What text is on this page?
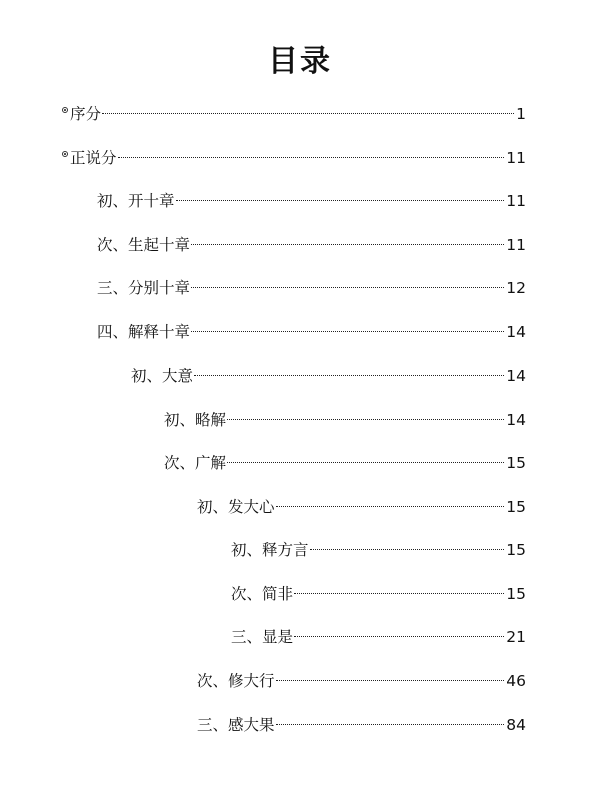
目录
序分	1
正说分	11
初、开十章	11
次、生起十章	11
三、分别十章	12
四、解释十章	14
初、大意	14
初、略解	14
次、广解	15
初、发大心	15
初、释方言	15
次、简非	15
三、显是	21
次、修大行	46
三、感大果	84
